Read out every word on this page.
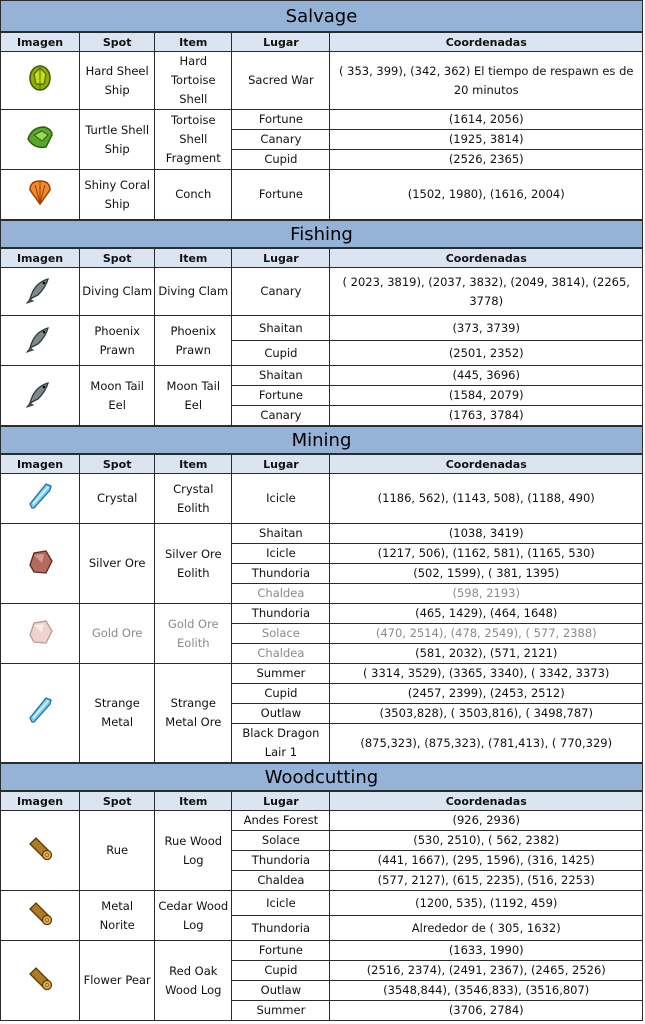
Salvage
Imagen	Spot	Item	Lugar	Coordenadas
	Hard Sheel Ship	Hard Tortoise Shell	Sacred War	( 353, 399), (342, 362) El tiempo de respawn es de 20 minutos
	Turtle Shell Ship	Tortoise Shell Fragment	Fortune	(1614, 2056)
			Canary	(1925, 3814)
			Cupid	(2526, 2365)
	Shiny Coral Ship	Conch	Fortune	(1502, 1980), (1616, 2004)
Fishing
Imagen	Spot	Item	Lugar	Coordenadas
	Diving Clam	Diving Clam	Canary	( 2023, 3819), (2037, 3832), (2049, 3814), (2265, 3778)
	Phoenix Prawn	Phoenix Prawn	Shaitan	(373, 3739)
			Cupid	(2501, 2352)
	Moon Tail Eel	Moon Tail Eel	Shaitan	(445, 3696)
			Fortune	(1584, 2079)
			Canary	(1763, 3784)
Mining
Imagen	Spot	Item	Lugar	Coordenadas
	Crystal	Crystal Eolith	Icicle	(1186, 562), (1143, 508), (1188, 490)
	Silver Ore	Silver Ore Eolith	Shaitan	(1038, 3419)
			Icicle	(1217, 506), (1162, 581), (1165, 530)
			Thundoria	(502, 1599), ( 381, 1395)
			Chaldea	(598, 2193)
	Gold Ore	Gold Ore Eolith	Thundoria	(465, 1429), (464, 1648)
			Solace	(470, 2514), (478, 2549), ( 577, 2388)
			Chaldea	(581, 2032), (571, 2121)
	Strange Metal	Strange Metal Ore	Summer	( 3314, 3529), (3365, 3340), ( 3342, 3373)
			Cupid	(2457, 2399), (2453, 2512)
			Outlaw	(3503,828), ( 3503,816), ( 3498,787)
			Black Dragon Lair 1	(875,323), (875,323), (781,413), ( 770,329)
Woodcutting
Imagen	Spot	Item	Lugar	Coordenadas
	Rue	Rue Wood Log	Andes Forest	(926, 2936)
			Solace	(530, 2510), ( 562, 2382)
			Thundoria	(441, 1667), (295, 1596), (316, 1425)
			Chaldea	(577, 2127), (615, 2235), (516, 2253)
	Metal Norite	Cedar Wood Log	Icicle	(1200, 535), (1192, 459)
			Thundoria	Alrededor de ( 305, 1632)
	Flower Pear	Red Oak Wood Log	Fortune	(1633, 1990)
			Cupid	(2516, 2374), (2491, 2367), (2465, 2526)
			Outlaw	(3548,844), (3546,833), (3516,807)
			Summer	(3706, 2784)
